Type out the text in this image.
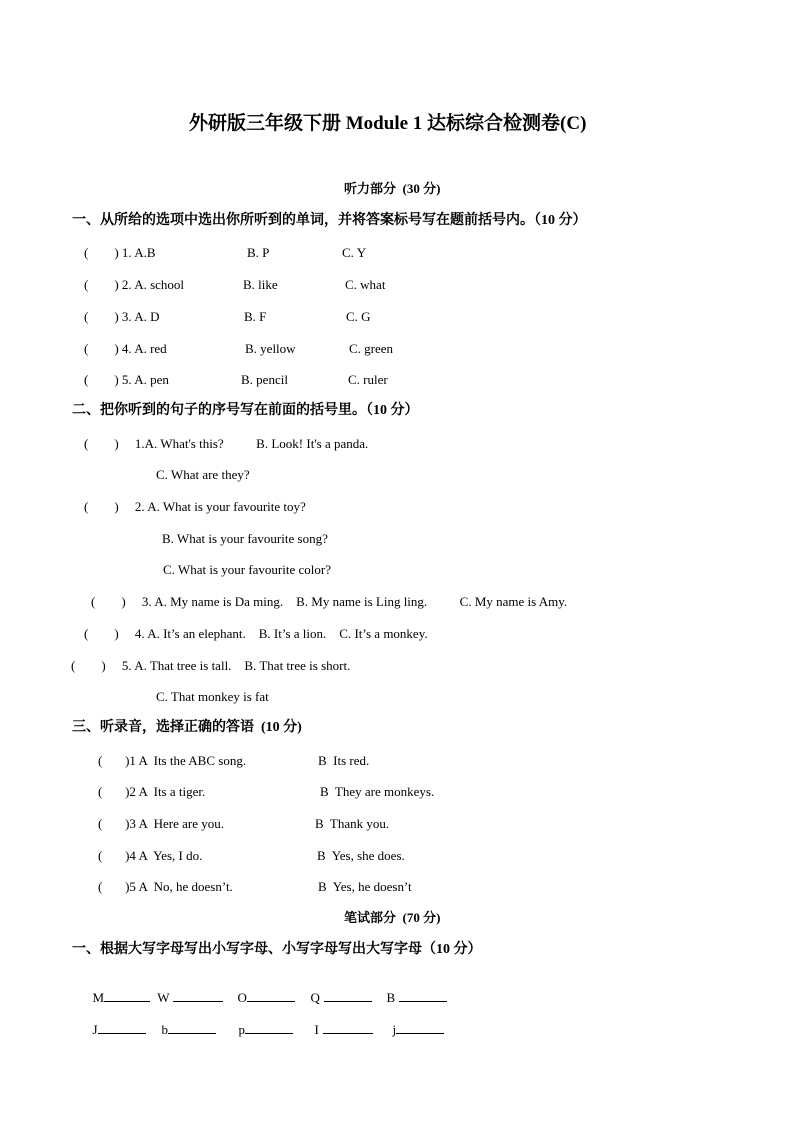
外研版三年级下册 Module 1 达标综合检测卷(C)
听力部分  (30 分)
一、从所给的选项中选出你所听到的单词，并将答案标号写在题前括号内。（10 分）
(        ) 1. A.B	B. P	C. Y
(        ) 2. A. school	B. like	C. what
(        ) 3. A. D	B. F	C. G
(        ) 4. A. red	B. yellow	C. green
(        ) 5. A. pen	B. pencil	C. ruler
二、把你听到的句子的序号写在前面的括号里。（10 分）
(        )     1.A. What's this?          B. Look! It's a panda.
C. What are they?
(        )     2. A. What is your favourite toy?
B. What is your favourite song?
C. What is your favourite color?
(        )     3. A. My name is Da ming.    B. My name is Ling ling.          C. My name is Amy.
(        )     4. A. It’s an elephant.    B. It’s a lion.    C. It’s a monkey.
(        )     5. A. That tree is tall.    B. That tree is short.
C. That monkey is fat
三、听录音，选择正确的答语  (10 分)
(       )1 A  Its the ABC song.	B  Its red.
(       )2 A  Its a tiger.	B  They are monkeys.
(       )3 A  Here are you.	B  Thank you.
(       )4 A  Yes, I do.	B  Yes, she does.
(       )5 A  No, he doesn’t.	B  Yes, he doesn’t
笔试部分  (70 分)
一、根据大写字母写出小写字母、小写字母写出大写字母（10 分）

M	W	O	Q	B

J	b	p	I	j
